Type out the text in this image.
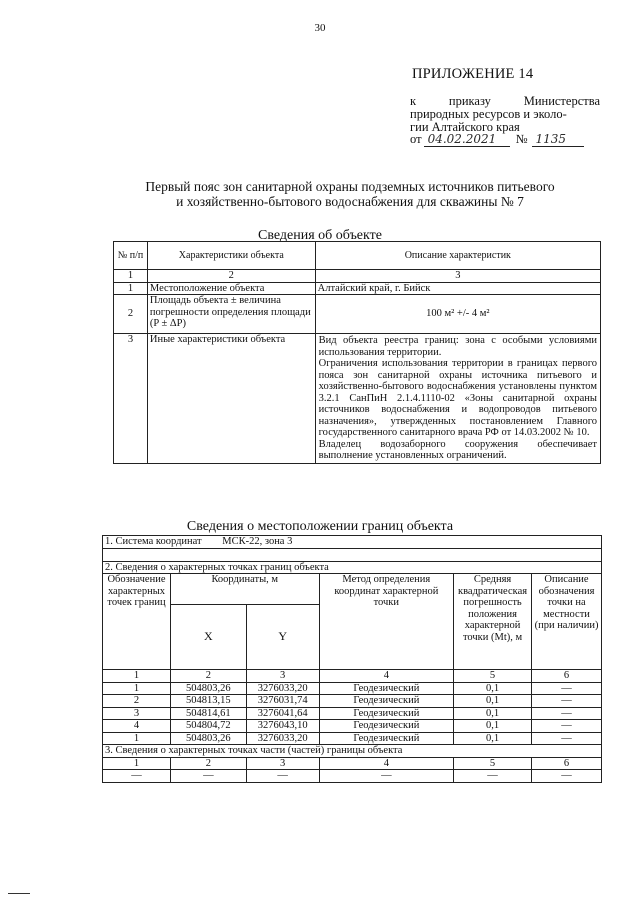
30
ПРИЛОЖЕНИЕ 14
к	приказу	Министерства
природных ресурсов и эколо-
гии Алтайского края
от 04.02.2021	№ 1135
Первый пояс зон санитарной охраны подземных источников питьевого
и хозяйственно-бытового водоснабжения для скважины № 7
Сведения об объекте
№ п/п	Характеристики объекта	Описание характеристик
1	2	3
1	Местоположение объекта	Алтайский край, г. Бийск
2	Площадь объекта ± величина погрешности определения площади (P ± ΔP)	100 м² +/- 4 м²
3	Иные характеристики объекта	Вид объекта реестра границ: зона с особыми условиями использования территории.
Ограничения использования территории в границах первого пояса зон санитарной охраны источника питьевого и хозяйственно-бытового водоснабжения установлены пунктом 3.2.1 СанПиН 2.1.4.1110-02 «Зоны санитарной охраны источников водоснабжения и водопроводов питьевого назначения», утвержденных постановлением Главного государственного санитарного врача РФ от 14.03.2002 № 10.
Владелец водозаборного сооружения обеспечивает выполнение установленных ограничений.
Сведения о местоположении границ объекта
1. Система координат МСК-22, зона 3					

2. Сведения о характерных точках границ объекта					
Обозначение характерных точек границ	Координаты, м		Метод определения координат характерной точки	Средняя квадратическая погрешность положения характерной точки (Mt), м	Описание обозначения точки на местности (при наличии)
	X	Y			
1	2	3	4	5	6
1	504803,26	3276033,20	Геодезический	0,1	—
2	504813,15	3276031,74	Геодезический	0,1	—
3	504814,61	3276041,64	Геодезический	0,1	—
4	504804,72	3276043,10	Геодезический	0,1	—
1	504803,26	3276033,20	Геодезический	0,1	—
3. Сведения о характерных точках части (частей) границы объекта					
1	2	3	4	5	6
—	—	—	—	—	—
